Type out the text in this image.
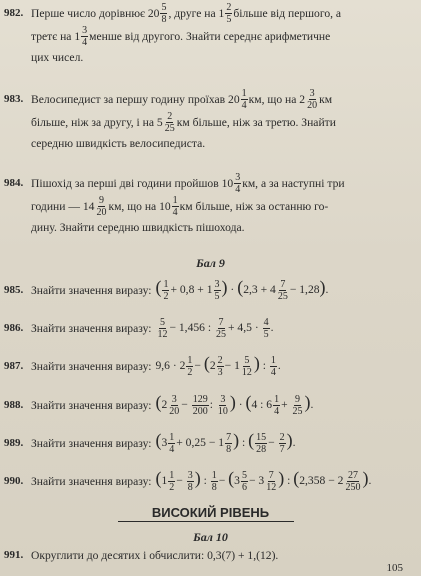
982. Перше число дорівнює $20 \frac{5}{8}$ , друге на $1 \frac{2}{5}$ більше від першого, а
третє на $1 \frac{3}{4}$ менше від другого. Знайти середнє арифметичне
цих чисел.
983. Велосипедист за першу годину проїхав $20 \frac{1}{4}$ км, що на $2 \frac{3}{20}$ км
більше, ніж за другу, і на $5 \frac{2}{25}$ км більше, ніж за третю. Знайти
середню швидкість велосипедиста.
984. Пішохід за перші дві години пройшов $10 \frac{3}{4}$ км, а за наступні три
години — $14 \frac{9}{20}$ км, що на $10 \frac{1}{4}$ км більше, ніж за останню го-
дину. Знайти середню швидкість пішохода.
Бал 9
985. Знайти значення виразу: ( $\frac{1}{2} + 0,8 + 1 \frac{3}{5}$ ) · $(2,3 + 4 \frac{7}{25} - 1,28)$.
986. Знайти значення виразу: $\frac{5}{12} - 1,456$ : $\frac{7}{25} + 4,5 \cdot \frac{4}{5}$ .
987. Знайти значення виразу: $9,6 \cdot 2 \frac{1}{2} - (2 \frac{2}{3} - 1 \frac{5}{12}$ ) : $\frac{1}{4}$ .
988. Знайти значення виразу: ($2 \frac{3}{20} - \frac{129}{200}$ : $\frac{3}{10}$ ) · (4 : $6 \frac{1}{4} + \frac{9}{25}$ ).
989. Знайти значення виразу: ($3 \frac{1}{4} + 0,25 - 1 \frac{7}{8}$ ) : ( $\frac{15}{28} - \frac{2}{7}$ ).
990. Знайти значення виразу: ($1 \frac{1}{2} - \frac{3}{8}$ ) : $\frac{1}{8} - (3 \frac{5}{6} - 3 \frac{7}{12}$ ) : ($2,358 - 2 \frac{27}{250}$ ).
ВИСОКИЙ РІВЕНЬ
Бал 10
991. Округлити до десятих і обчислити: 0,3(7) + 1,(12).
105
